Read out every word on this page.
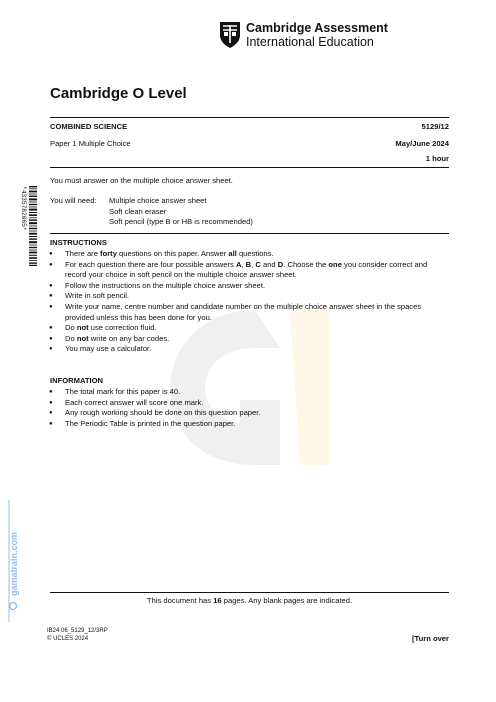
Cambridge Assessment
International Education
Cambridge O Level
COMBINED SCIENCE	5129/12
Paper 1 Multiple Choice	May/June 2024
1 hour
You must answer on the multiple choice answer sheet.
You will need: Multiple choice answer sheet
Soft clean eraser
Soft pencil (type B or HB is recommended)
*4335782065*
INSTRUCTIONS
● There are forty questions on this paper. Answer all questions.
● For each question there are four possible answers A, B, C and D. Choose the one you consider correct and record your choice in soft pencil on the multiple choice answer sheet.
● Follow the instructions on the multiple choice answer sheet.
● Write in soft pencil.
● Write your name, centre number and candidate number on the multiple choice answer sheet in the spaces provided unless this has been done for you.
● Do not use correction fluid.
● Do not write on any bar codes.
● You may use a calculator.
INFORMATION
● The total mark for this paper is 40.
● Each correct answer will score one mark.
● Any rough working should be done on this question paper.
● The Periodic Table is printed in the question paper.
gamatrain.com
This document has 16 pages. Any blank pages are indicated.
IB24 06_5129_12/3RP
© UCLES 2024	[Turn over
